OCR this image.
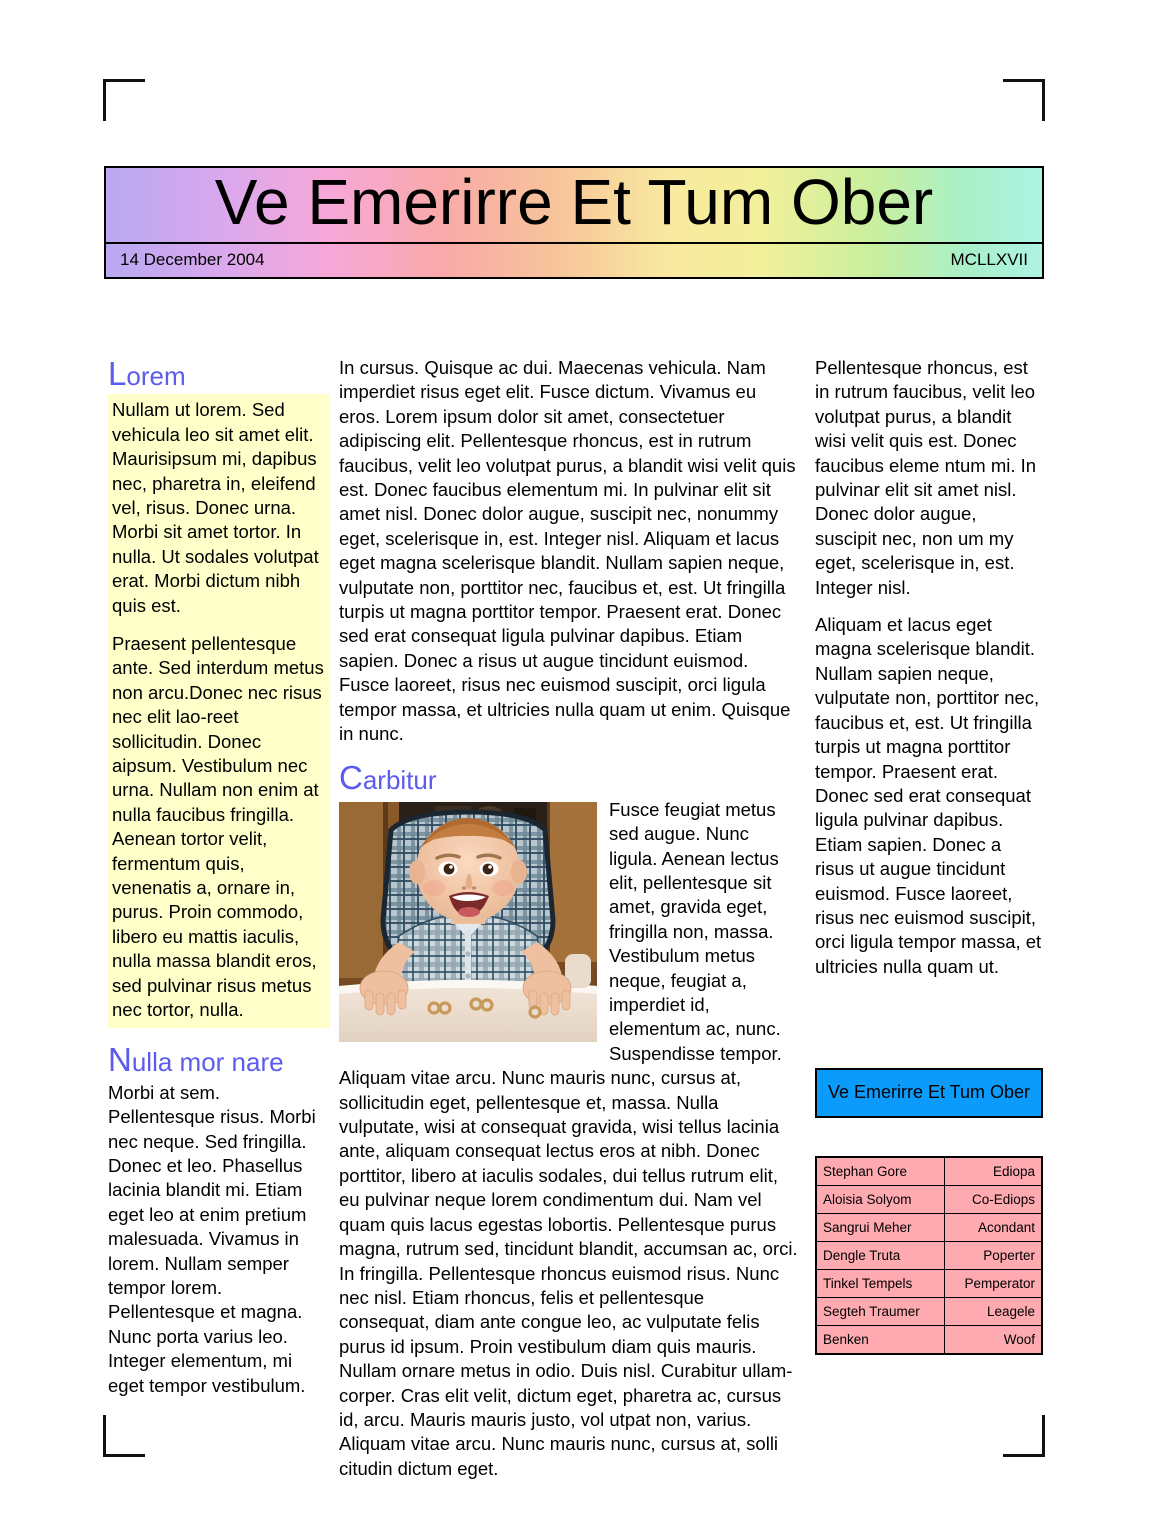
Ve Emerirre Et Tum Ober
14 December 2004	MCLLXVII
Lorem

Nullam ut lorem. Sed vehicula leo sit amet elit. Maurisipsum mi, dapibus nec, pharetra in, eleifend vel, risus. Donec urna. Morbi sit amet tortor. In nulla. Ut sodales volutpat erat. Morbi dictum nibh quis est.

Praesent pellentesque ante. Sed interdum metus non arcu.Donec nec risus nec elit lao-reet sollicitudin. Donec aipsum. Vestibulum nec urna. Nullam non enim at nulla faucibus fringilla. Aenean tortor velit, fermentum quis, venenatis a, ornare in, purus. Proin commodo, libero eu mattis iaculis, nulla massa blandit eros, sed pulvinar risus metus nec tortor, nulla.

Nulla mor nare

Morbi at sem. Pellentesque risus. Morbi nec neque. Sed fringilla. Donec et leo. Phasellus lacinia blandit mi. Etiam eget leo at enim pretium malesuada. Vivamus in lorem. Nullam semper tempor lorem. Pellentesque et magna. Nunc porta varius leo. Integer elementum, mi eget tempor vestibulum.

In cursus. Quisque ac dui. Maecenas vehicula. Nam imperdiet risus eget elit. Fusce dictum. Vivamus eu eros. Lorem ipsum dolor sit amet, consectetuer adipiscing elit. Pellentesque rhoncus, est in rutrum faucibus, velit leo volutpat purus, a blandit wisi velit quis est. Donec faucibus elementum mi. In pulvinar elit sit amet nisl. Donec dolor augue, suscipit nec, nonummy eget, scelerisque in, est. Integer nisl. Aliquam et lacus eget magna scelerisque blandit. Nullam sapien neque, vulputate non, porttitor nec, faucibus et, est. Ut fringilla turpis ut magna porttitor tempor. Praesent erat. Donec sed erat consequat ligula pulvinar dapibus. Etiam sapien. Donec a risus ut augue tincidunt euismod. Fusce laoreet, risus nec euismod suscipit, orci ligula tempor massa, et ultricies nulla quam ut enim. Quisque in nunc.

Carbitur

Fusce feugiat metus sed augue. Nunc ligula. Aenean lectus elit, pellentesque sit amet, gravida eget, fringilla non, massa. Vestibulum metus neque, feugiat a, imperdiet id, elementum ac, nunc. Suspendisse tempor. Aliquam vitae arcu. Nunc mauris nunc, cursus at, sollicitudin eget, pellentesque et, massa. Nulla vulputate, wisi at consequat gravida, wisi tellus lacinia ante, aliquam consequat lectus eros at nibh. Donec porttitor, libero at iaculis sodales, dui tellus rutrum elit, eu pulvinar neque lorem condimentum dui. Nam vel quam quis lacus egestas lobortis. Pellentesque purus magna, rutrum sed, tincidunt blandit, accumsan ac, orci. In fringilla. Pellentesque rhoncus euismod risus. Nunc nec nisl. Etiam rhoncus, felis et pellentesque consequat, diam ante congue leo, ac vulputate felis purus id ipsum. Proin vestibulum diam quis mauris. Nullam ornare metus in odio. Duis nisl. Curabitur ullam-corper. Cras elit velit, dictum eget, pharetra ac, cursus id, arcu. Mauris mauris justo, vol utpat non, varius. Aliquam vitae arcu. Nunc mauris nunc, cursus at, solli citudin dictum eget.

Pellentesque rhoncus, est in rutrum faucibus, velit leo volutpat purus, a blandit wisi velit quis est. Donec faucibus eleme ntum mi. In pulvinar elit sit amet nisl. Donec dolor augue, suscipit nec, non um my eget, scelerisque in, est. Integer nisl.

Aliquam et lacus eget magna scelerisque blandit. Nullam sapien neque, vulputate non, porttitor nec, faucibus et, est. Ut fringilla turpis ut magna porttitor tempor. Praesent erat. Donec sed erat consequat ligula pulvinar dapibus. Etiam sapien. Donec a risus ut augue tincidunt euismod. Fusce laoreet, risus nec euismod suscipit, orci ligula tempor massa, et ultricies nulla quam ut.

Ve Emerirre Et Tum Ober
Stephan Gore	Ediopa
Aloisia Solyom	Co-Ediops
Sangrui Meher	Acondant
Dengle Truta	Poperter
Tinkel Tempels	Pemperator
Segteh Traumer	Leagele
Benken	Woof
